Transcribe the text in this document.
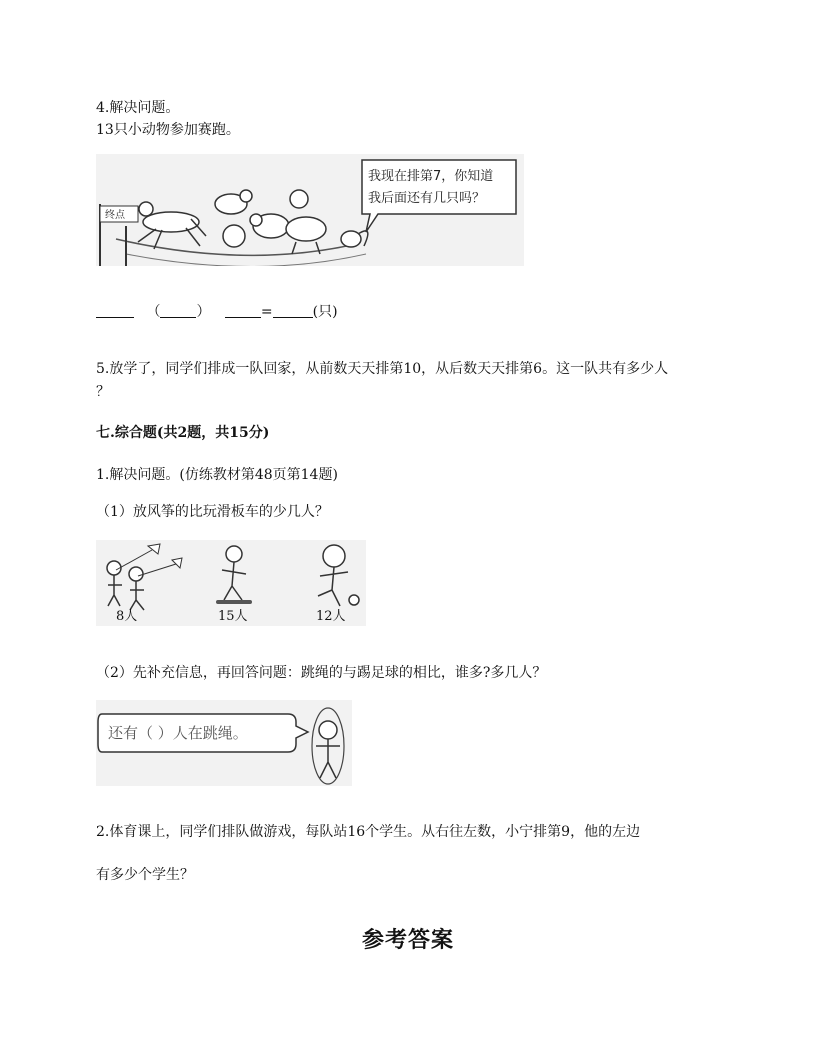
4.解决问题。
13只小动物参加赛跑。
终点
我现在排第7，你知道
我后面还有几只吗？
（	）	=	(只)
5.放学了，同学们排成一队回家，从前数天天排第10，从后数天天排第6。这一队共有多少人
？
七.综合题(共2题，共15分)
1.解决问题。(仿练教材第48页第14题)
（1）放风筝的比玩滑板车的少几人？
8人	15人	12人
（2）先补充信息，再回答问题：跳绳的与踢足球的相比，谁多?多几人？
还有（ ）人在跳绳。
2.体育课上，同学们排队做游戏，每队站16个学生。从右往左数，小宁排第9，他的左边
有多少个学生？
参考答案
